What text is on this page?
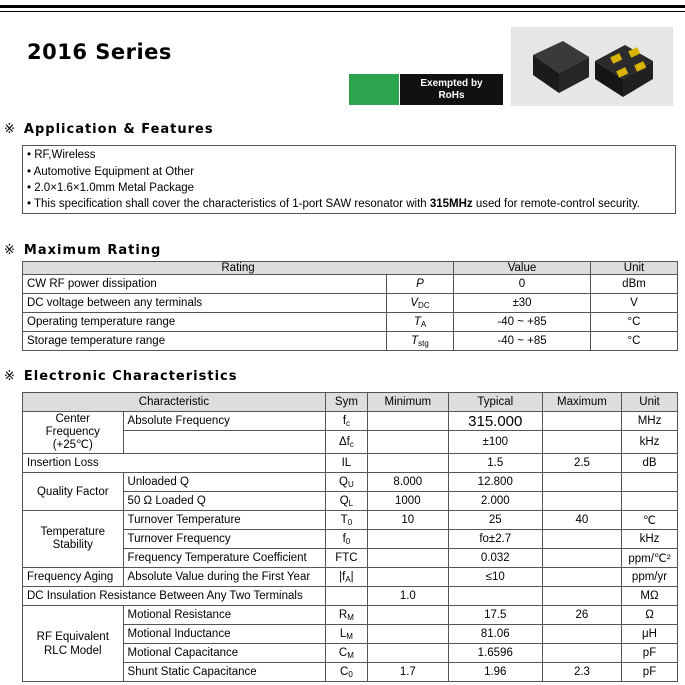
2016 Series
Exempted by
RoHs
※ Application & Features
• RF,Wireless
• Automotive Equipment at Other
• 2.0×1.6×1.0mm Metal Package
• This specification shall cover the characteristics of 1-port SAW resonator with 315MHz used for remote-control security.
※ Maximum Rating
Rating		Value	Unit
CW RF power dissipation	P	0	dBm
DC voltage between any terminals	$V_{DC}$	±30	V
Operating temperature range	$T_A$	-40 ~ +85	°C
Storage temperature range	$T_{stg}$	-40 ~ +85	°C
※ Electronic Characteristics
Characteristic		Sym	Minimum	Typical	Maximum	Unit
Center Frequency (+25℃)	Absolute Frequency	$f_c$		315.000		MHz
		$\Delta f_c$		±100		kHz
Insertion Loss		IL		1.5	2.5	dB
Quality Factor	Unloaded Q	$Q_U$	8.000	12.800		
	50 Ω Loaded Q	$Q_L$	1000	2.000		
Temperature Stability	Turnover Temperature	$T_0$	10	25	40	℃
	Turnover Frequency	$f_0$		fo±2.7		kHz
	Frequency Temperature Coefficient	FTC		0.032		ppm/℃²
Frequency Aging	Absolute Value during the First Year	$|f_A|$		≤10		ppm/yr
DC Insulation Resistance Between Any Two Terminals			1.0			MΩ
RF Equivalent RLC Model	Motional Resistance	$R_M$		17.5	26	Ω
	Motional Inductance	$L_M$		81.06		μH
	Motional Capacitance	$C_M$		1.6596		pF
	Shunt Static Capacitance	$C_0$	1.7	1.96	2.3	pF
